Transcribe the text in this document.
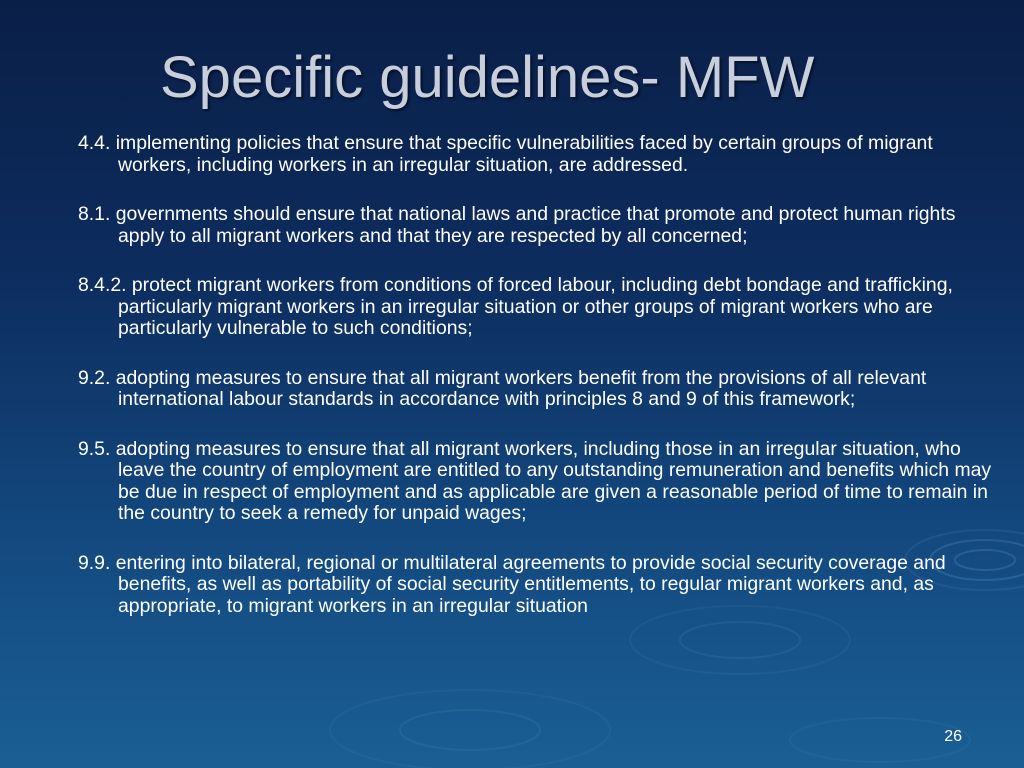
Specific guidelines- MFW

4.4. implementing policies that ensure that specific vulnerabilities faced by certain groups of migrant workers, including workers in an irregular situation, are addressed.

8.1. governments should ensure that national laws and practice that promote and protect human rights apply to all migrant workers and that they are respected by all concerned;

8.4.2. protect migrant workers from conditions of forced labour, including debt bondage and trafficking, particularly migrant workers in an irregular situation or other groups of migrant workers who are particularly vulnerable to such conditions;

9.2. adopting measures to ensure that all migrant workers benefit from the provisions of all relevant international labour standards in accordance with principles 8 and 9 of this framework;

9.5. adopting measures to ensure that all migrant workers, including those in an irregular situation, who leave the country of employment are entitled to any outstanding remuneration and benefits which may be due in respect of employment and as applicable are given a reasonable period of time to remain in the country to seek a remedy for unpaid wages;

9.9. entering into bilateral, regional or multilateral agreements to provide social security coverage and benefits, as well as portability of social security entitlements, to regular migrant workers and, as appropriate, to migrant workers in an irregular situation

26
